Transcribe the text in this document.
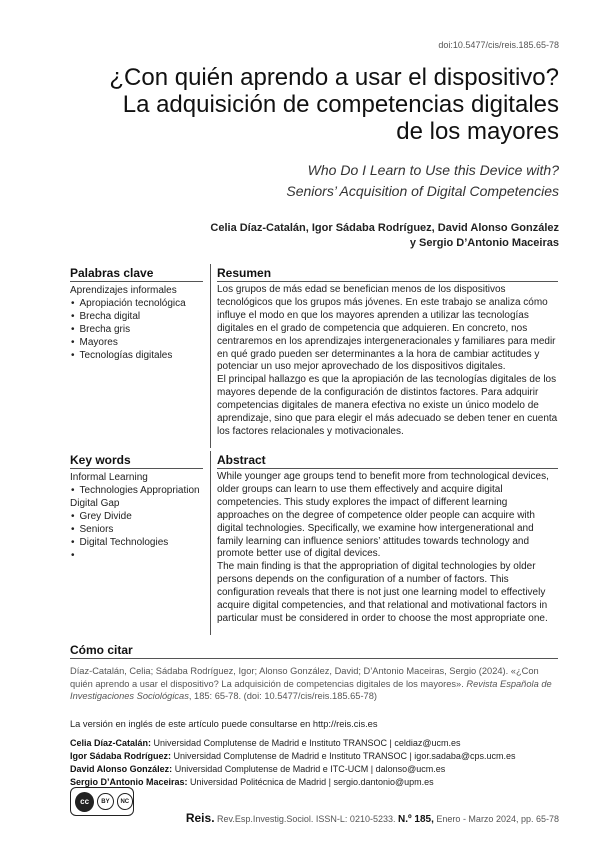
doi:10.5477/cis/reis.185.65-78
¿Con quién aprendo a usar el dispositivo?
La adquisición de competencias digitales
de los mayores
Who Do I Learn to Use this Device with?
Seniors’ Acquisition of Digital Competencies
Celia Díaz-Catalán, Igor Sádaba Rodríguez, David Alonso González
y Sergio D’Antonio Maceiras
Palabras clave
Aprendizajes informales
• Apropiación tecnológica
• Brecha digital
• Brecha gris
• Mayores
• Tecnologías digitales
Resumen
Los grupos de más edad se benefician menos de los dispositivos tecnológicos que los grupos más jóvenes. En este trabajo se analiza cómo influye el modo en que los mayores aprenden a utilizar las tecnologías digitales en el grado de competencia que adquieren. En concreto, nos centraremos en los aprendizajes intergeneracionales y familiares para medir en qué grado pueden ser determinantes a la hora de cambiar actitudes y potenciar un uso mejor aprovechado de los dispositivos digitales.
El principal hallazgo es que la apropiación de las tecnologías digitales de los mayores depende de la configuración de distintos factores. Para adquirir competencias digitales de manera efectiva no existe un único modelo de aprendizaje, sino que para elegir el más adecuado se deben tener en cuenta los factores relacionales y motivacionales.
Key words
Informal Learning
• Technologies Appropriation
Digital Gap
• Grey Divide
• Seniors
• Digital Technologies
•
Abstract
While younger age groups tend to benefit more from technological devices, older groups can learn to use them effectively and acquire digital competencies. This study explores the impact of different learning approaches on the degree of competence older people can acquire with digital technologies. Specifically, we examine how intergenerational and family learning can influence seniors’ attitudes towards technology and promote better use of digital devices.
The main finding is that the appropriation of digital technologies by older persons depends on the configuration of a number of factors. This configuration reveals that there is not just one learning model to effectively acquire digital competencies, and that relational and motivational factors in particular must be considered in order to choose the most appropriate one.
Cómo citar
Díaz-Catalán, Celia; Sádaba Rodríguez, Igor; Alonso González, David; D’Antonio Maceiras, Sergio (2024). «¿Con quién aprendo a usar el dispositivo? La adquisición de competencias digitales de los mayores». Revista Española de Investigaciones Sociológicas, 185: 65-78. (doi: 10.5477/cis/reis.185.65-78)
La versión en inglés de este artículo puede consultarse en http://reis.cis.es
Celia Díaz-Catalán: Universidad Complutense de Madrid e Instituto TRANSOC | celdiaz@ucm.es
Igor Sádaba Rodríguez: Universidad Complutense de Madrid e Instituto TRANSOC | igor.sadaba@cps.ucm.es
David Alonso González: Universidad Complutense de Madrid e ITC-UCM | dalonso@ucm.es
Sergio D’Antonio Maceiras: Universidad Politécnica de Madrid | sergio.dantonio@upm.es
cc	BY	NC
Reis. Rev.Esp.Investig.Sociol. ISSN-L: 0210-5233. N.º 185, Enero - Marzo 2024, pp. 65-78
